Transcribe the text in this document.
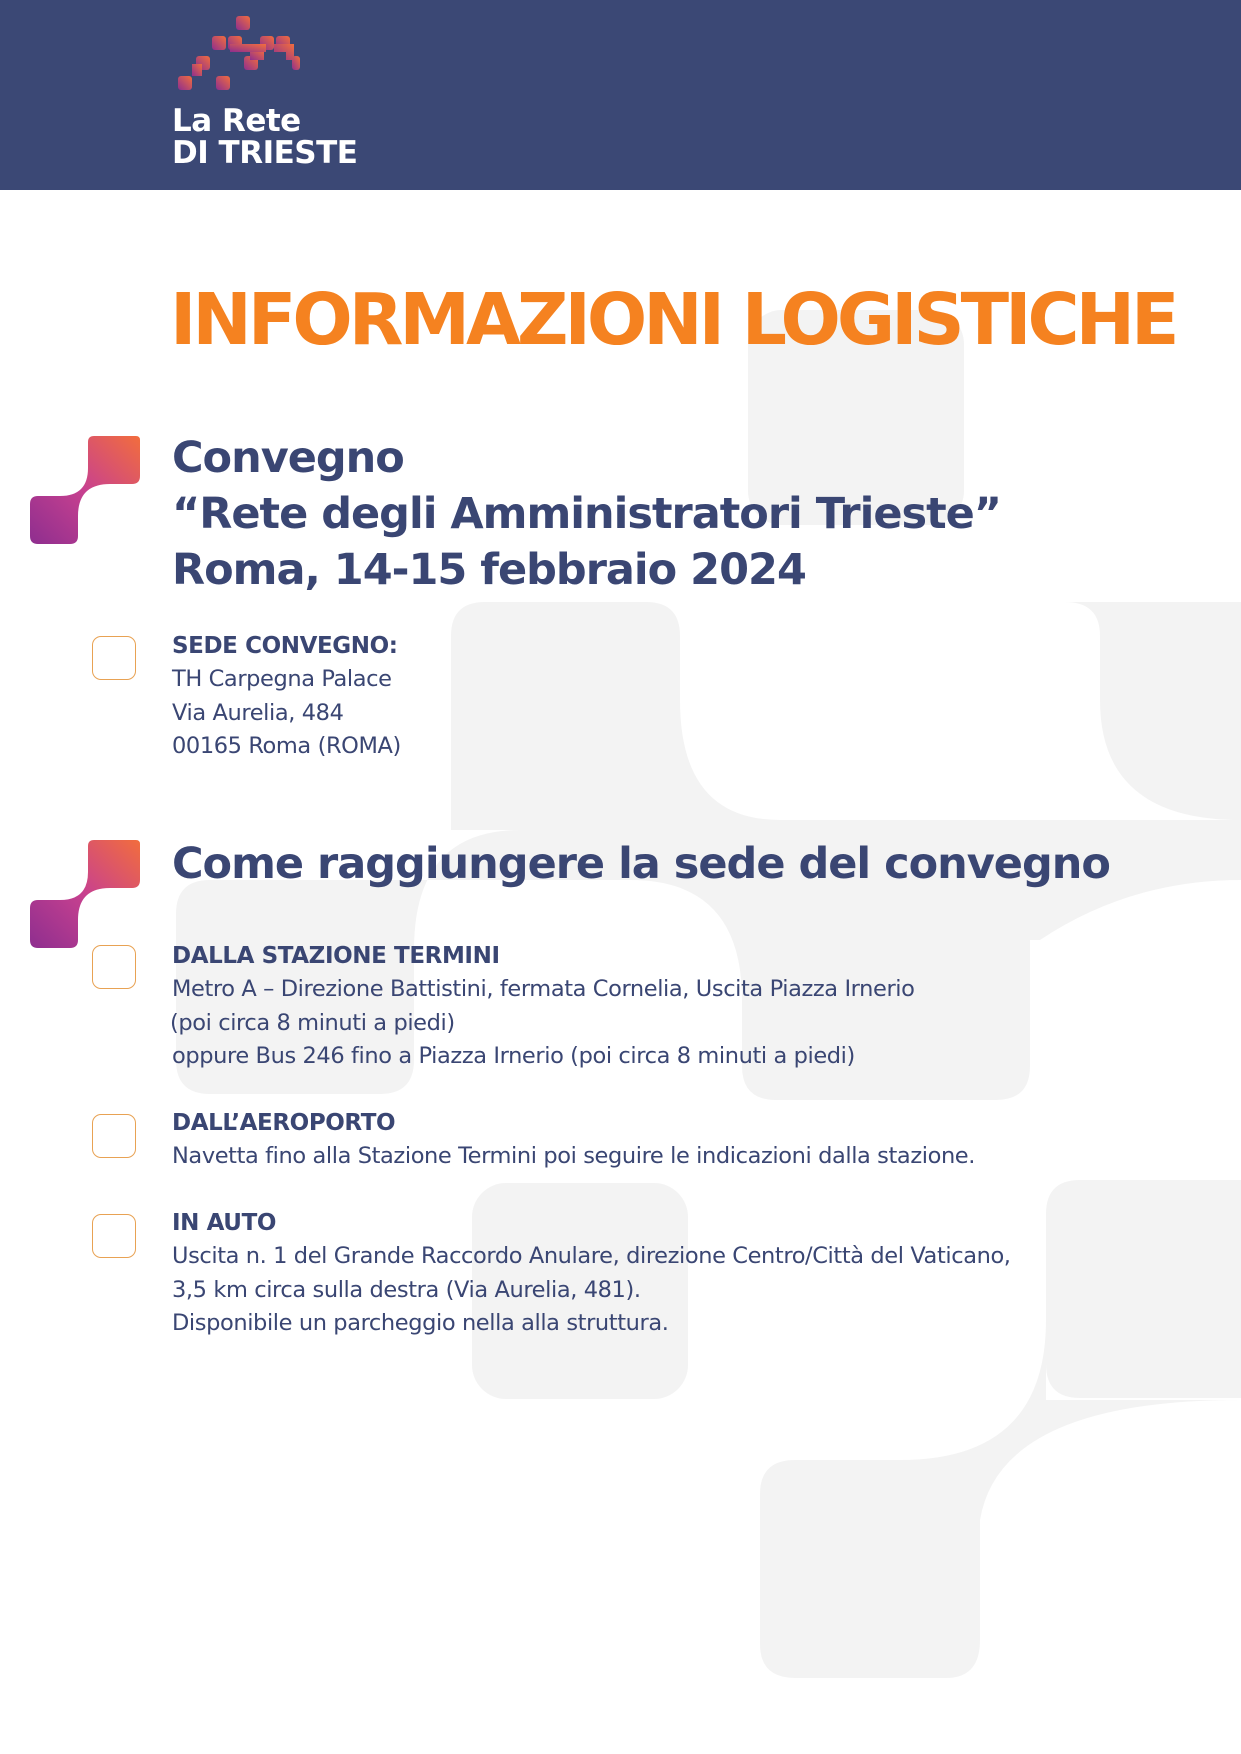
La Rete
DI TRIESTE
INFORMAZIONI LOGISTICHE
Convegno
“Rete degli Amministratori Trieste”
Roma, 14-15 febbraio 2024
SEDE CONVEGNO:
TH Carpegna Palace
Via Aurelia, 484
00165 Roma (ROMA)
Come raggiungere la sede del convegno
DALLA STAZIONE TERMINI
Metro A – Direzione Battistini, fermata Cornelia, Uscita Piazza Irnerio
(poi circa 8 minuti a piedi)
oppure Bus 246 fino a Piazza Irnerio (poi circa 8 minuti a piedi)
DALL’AEROPORTO
Navetta fino alla Stazione Termini poi seguire le indicazioni dalla stazione.
IN AUTO
Uscita n. 1 del Grande Raccordo Anulare, direzione Centro/Città del Vaticano,
3,5 km circa sulla destra (Via Aurelia, 481).
Disponibile un parcheggio nella alla struttura.
